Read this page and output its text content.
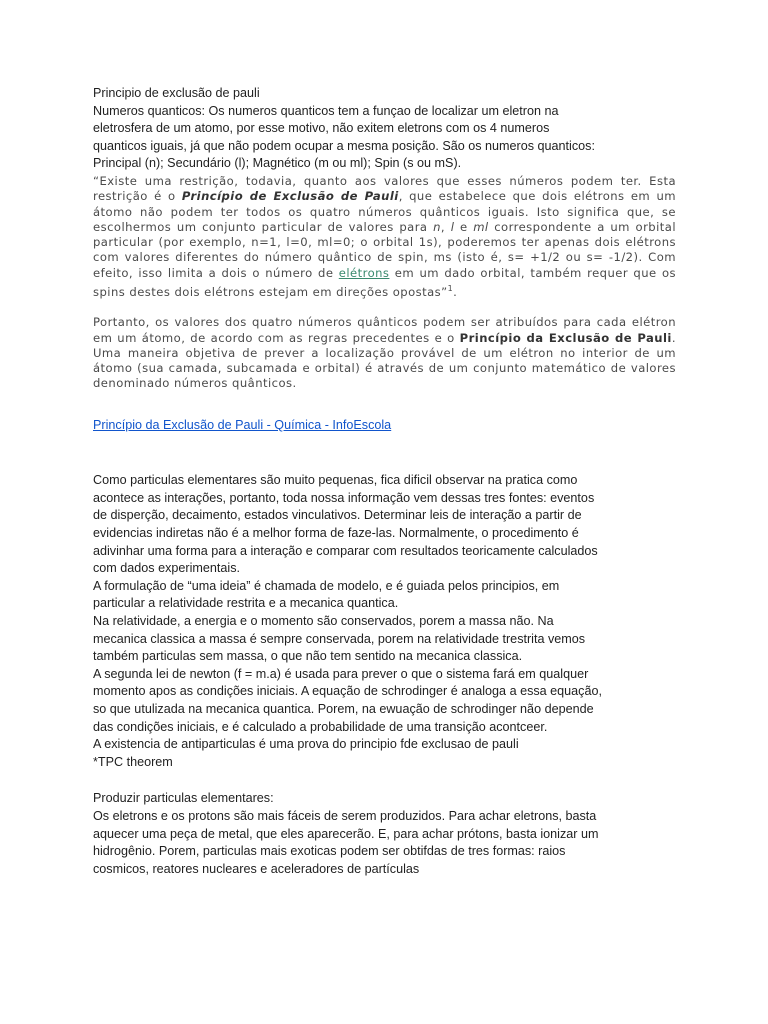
Principio de exclusão de pauli

Numeros quanticos: Os numeros quanticos tem a funçao de localizar um eletron na

eletrosfera de um atomo, por esse motivo, não exitem eletrons com os 4 numeros

quanticos iguais, já que não podem ocupar a mesma posição. São os numeros quanticos:

Principal (n); Secundário (l); Magnético (m ou ml); Spin (s ou mS).

“Existe uma restrição, todavia, quanto aos valores que esses números podem ter. Esta restrição é o Princípio de Exclusão de Pauli, que estabelece que dois elétrons em um átomo não podem ter todos os quatro números quânticos iguais. Isto significa que, se escolhermos um conjunto particular de valores para n, l e ml correspondente a um orbital particular (por exemplo, n=1, l=0, ml=0; o orbital 1s), poderemos ter apenas dois elétrons com valores diferentes do número quântico de spin, ms (isto é, s= +1/2 ou s= -1/2). Com efeito, isso limita a dois o número de elétrons em um dado orbital, também requer que os spins destes dois elétrons estejam em direções opostas”$^1$.

Portanto, os valores dos quatro números quânticos podem ser atribuídos para cada elétron em um átomo, de acordo com as regras precedentes e o Princípio da Exclusão de Pauli. Uma maneira objetiva de prever a localização provável de um elétron no interior de um átomo (sua camada, subcamada e orbital) é através de um conjunto matemático de valores denominado números quânticos.

Princípio da Exclusão de Pauli - Química - InfoEscola

Como particulas elementares são muito pequenas, fica dificil observar na pratica como

acontece as interações, portanto, toda nossa informação vem dessas tres fontes: eventos

de disperção, decaimento, estados vinculativos. Determinar leis de interação a partir de

evidencias indiretas não é a melhor forma de faze-las. Normalmente, o procedimento é

adivinhar uma forma para a interação e comparar com resultados teoricamente calculados

com dados experimentais.

A formulação de “uma ideia” é chamada de modelo, e é guiada pelos principios, em

particular a relatividade restrita e a mecanica quantica.

Na relatividade, a energia e o momento são conservados, porem a massa não. Na

mecanica classica a massa é sempre conservada, porem na relatividade trestrita vemos

também particulas sem massa, o que não tem sentido na mecanica classica.

A segunda lei de newton (f = m.a) é usada para prever o que o sistema fará em qualquer

momento apos as condições iniciais. A equação de schrodinger é analoga a essa equação,

so que utulizada na mecanica quantica. Porem, na ewuação de schrodinger não depende

das condições iniciais, e é calculado a probabilidade de uma transição acontceer.

A existencia de antiparticulas é uma prova do principio fde exclusao de pauli

*TPC theorem

Produzir particulas elementares:

Os eletrons e os protons são mais fáceis de serem produzidos. Para achar eletrons, basta

aquecer uma peça de metal, que eles aparecerão. E, para achar prótons, basta ionizar um

hidrogênio. Porem, particulas mais exoticas podem ser obtifdas de tres formas: raios

cosmicos, reatores nucleares e aceleradores de partículas
